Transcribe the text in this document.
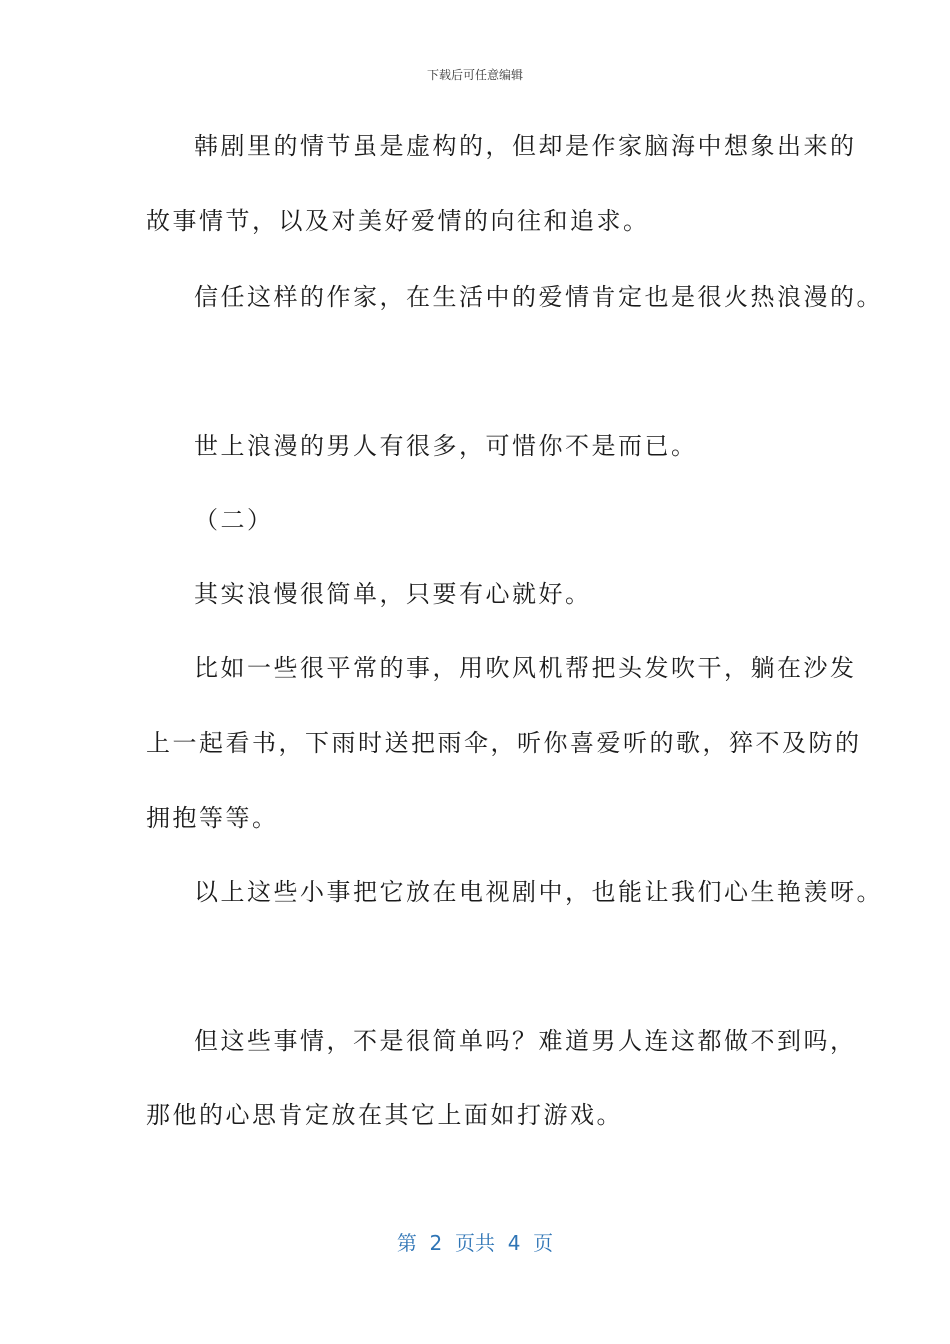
下载后可任意编辑
韩剧里的情节虽是虚构的，但却是作家脑海中想象出来的
故事情节，以及对美好爱情的向往和追求。
信任这样的作家，在生活中的爱情肯定也是很火热浪漫的。
世上浪漫的男人有很多，可惜你不是而已。
（二）
其实浪慢很简单，只要有心就好。
比如一些很平常的事，用吹风机帮把头发吹干，躺在沙发
上一起看书，下雨时送把雨伞，听你喜爱听的歌，猝不及防的
拥抱等等。
以上这些小事把它放在电视剧中，也能让我们心生艳羡呀。
但这些事情，不是很简单吗？难道男人连这都做不到吗，
那他的心思肯定放在其它上面如打游戏。
第  2  页共  4  页
